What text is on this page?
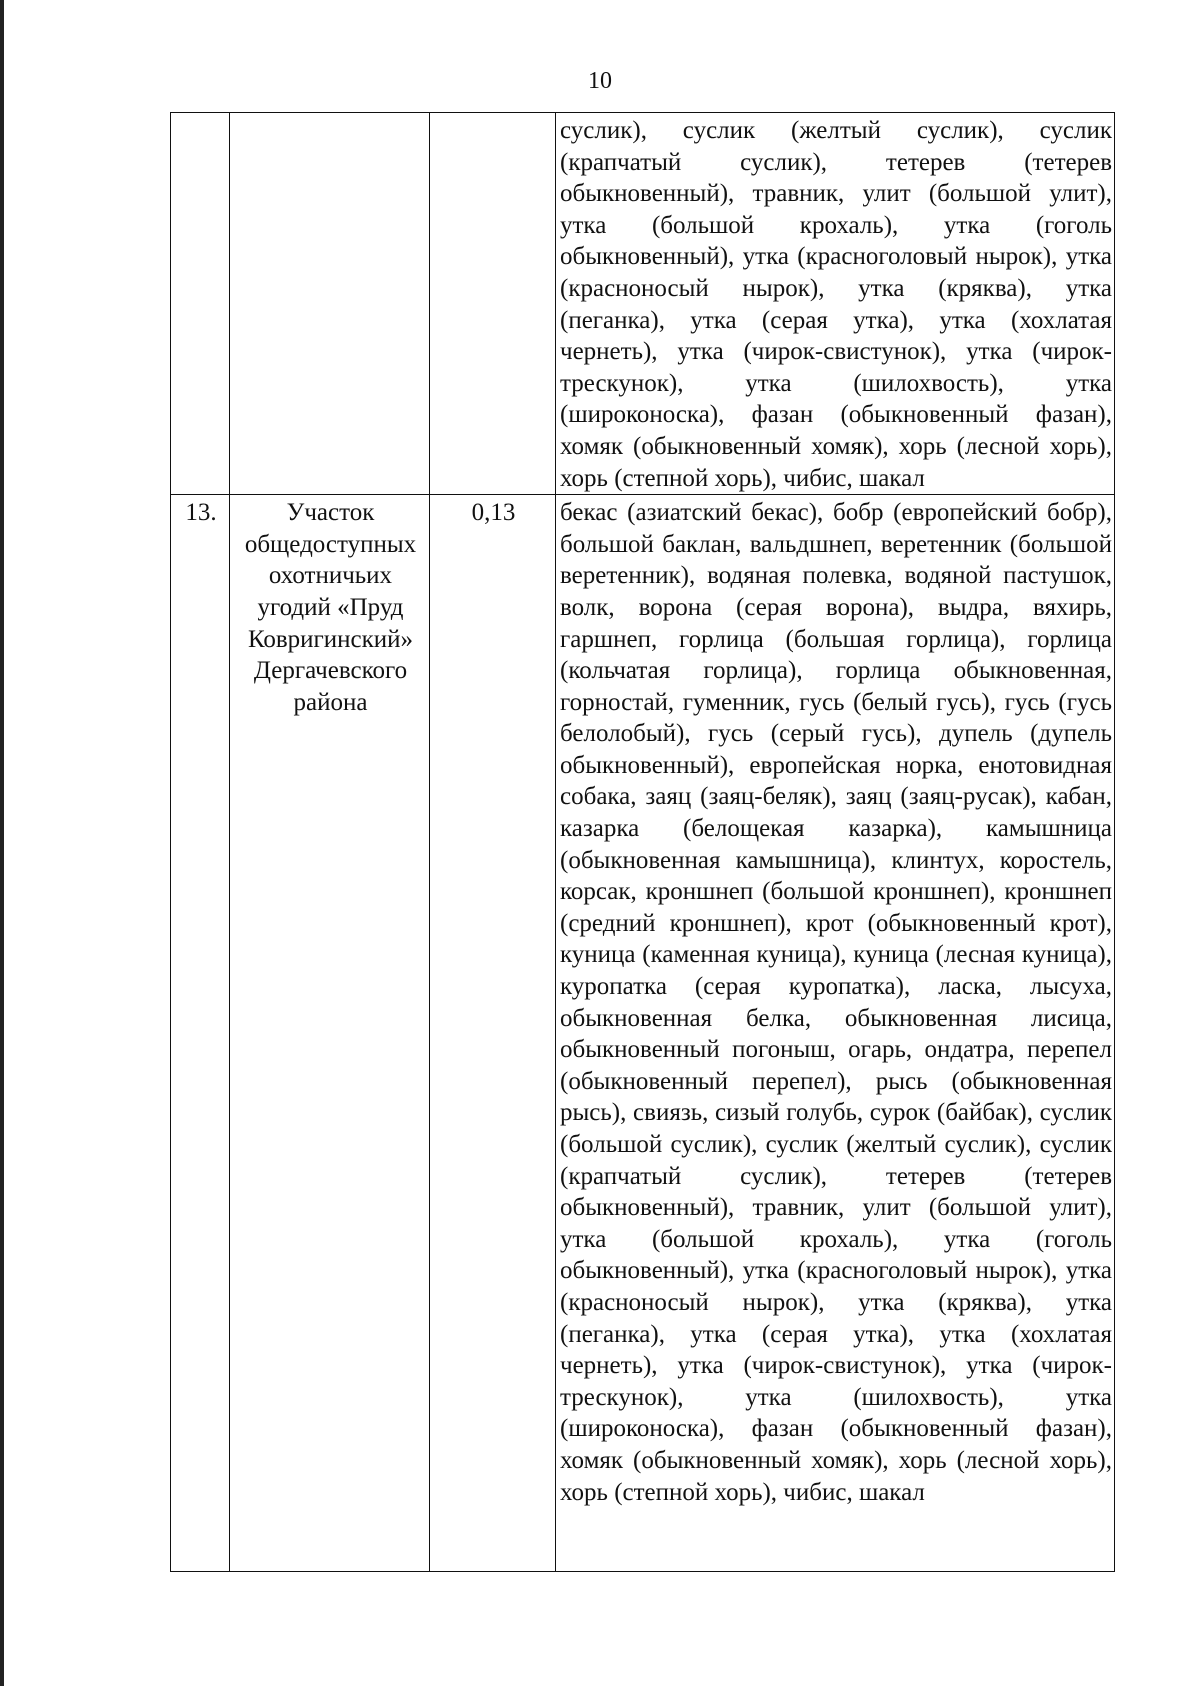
10
			суслик), суслик (желтый суслик), суслик (крапчатый суслик), тетерев (тетерев обыкновенный), травник, улит (большой улит), утка (большой крохаль), утка (гоголь обыкновенный), утка (красноголовый нырок), утка (красноносый нырок), утка (кряква), утка (пеганка), утка (серая утка), утка (хохлатая чернеть), утка (чирок-свистунок), утка (чирок-трескунок), утка (шилохвость), утка (широконоска), фазан (обыкновенный фазан), хомяк (обыкновенный хомяк), хорь (лесной хорь), хорь (степной хорь), чибис, шакал
13.	Участок общедоступных охотничьих угодий «Пруд Ковригинский» Дергачевского района	0,13	бекас (азиатский бекас), бобр (европейский бобр), большой баклан, вальдшнеп, веретенник (большой веретенник), водяная полевка, водяной пастушок, волк, ворона (серая ворона), выдра, вяхирь, гаршнеп, горлица (большая горлица), горлица (кольчатая горлица), горлица обыкновенная, горностай, гуменник, гусь (белый гусь), гусь (гусь белолобый), гусь (серый гусь), дупель (дупель обыкновенный), европейская норка, енотовидная собака, заяц (заяц-беляк), заяц (заяц-русак), кабан, казарка (белощекая казарка), камышница (обыкновенная камышница), клинтух, коростель, корсак, кроншнеп (большой кроншнеп), кроншнеп (средний кроншнеп), крот (обыкновенный крот), куница (каменная куница), куница (лесная куница), куропатка (серая куропатка), ласка, лысуха, обыкновенная белка, обыкновенная лисица, обыкновенный погоныш, огарь, ондатра, перепел (обыкновенный перепел), рысь (обыкновенная рысь), свиязь, сизый голубь, сурок (байбак), суслик (большой суслик), суслик (желтый суслик), суслик (крапчатый суслик), тетерев (тетерев обыкновенный), травник, улит (большой улит), утка (большой крохаль), утка (гоголь обыкновенный), утка (красноголовый нырок), утка (красноносый нырок), утка (кряква), утка (пеганка), утка (серая утка), утка (хохлатая чернеть), утка (чирок-свистунок), утка (чирок-трескунок), утка (шилохвость), утка (широконоска), фазан (обыкновенный фазан), хомяк (обыкновенный хомяк), хорь (лесной хорь), хорь (степной хорь), чибис, шакал
